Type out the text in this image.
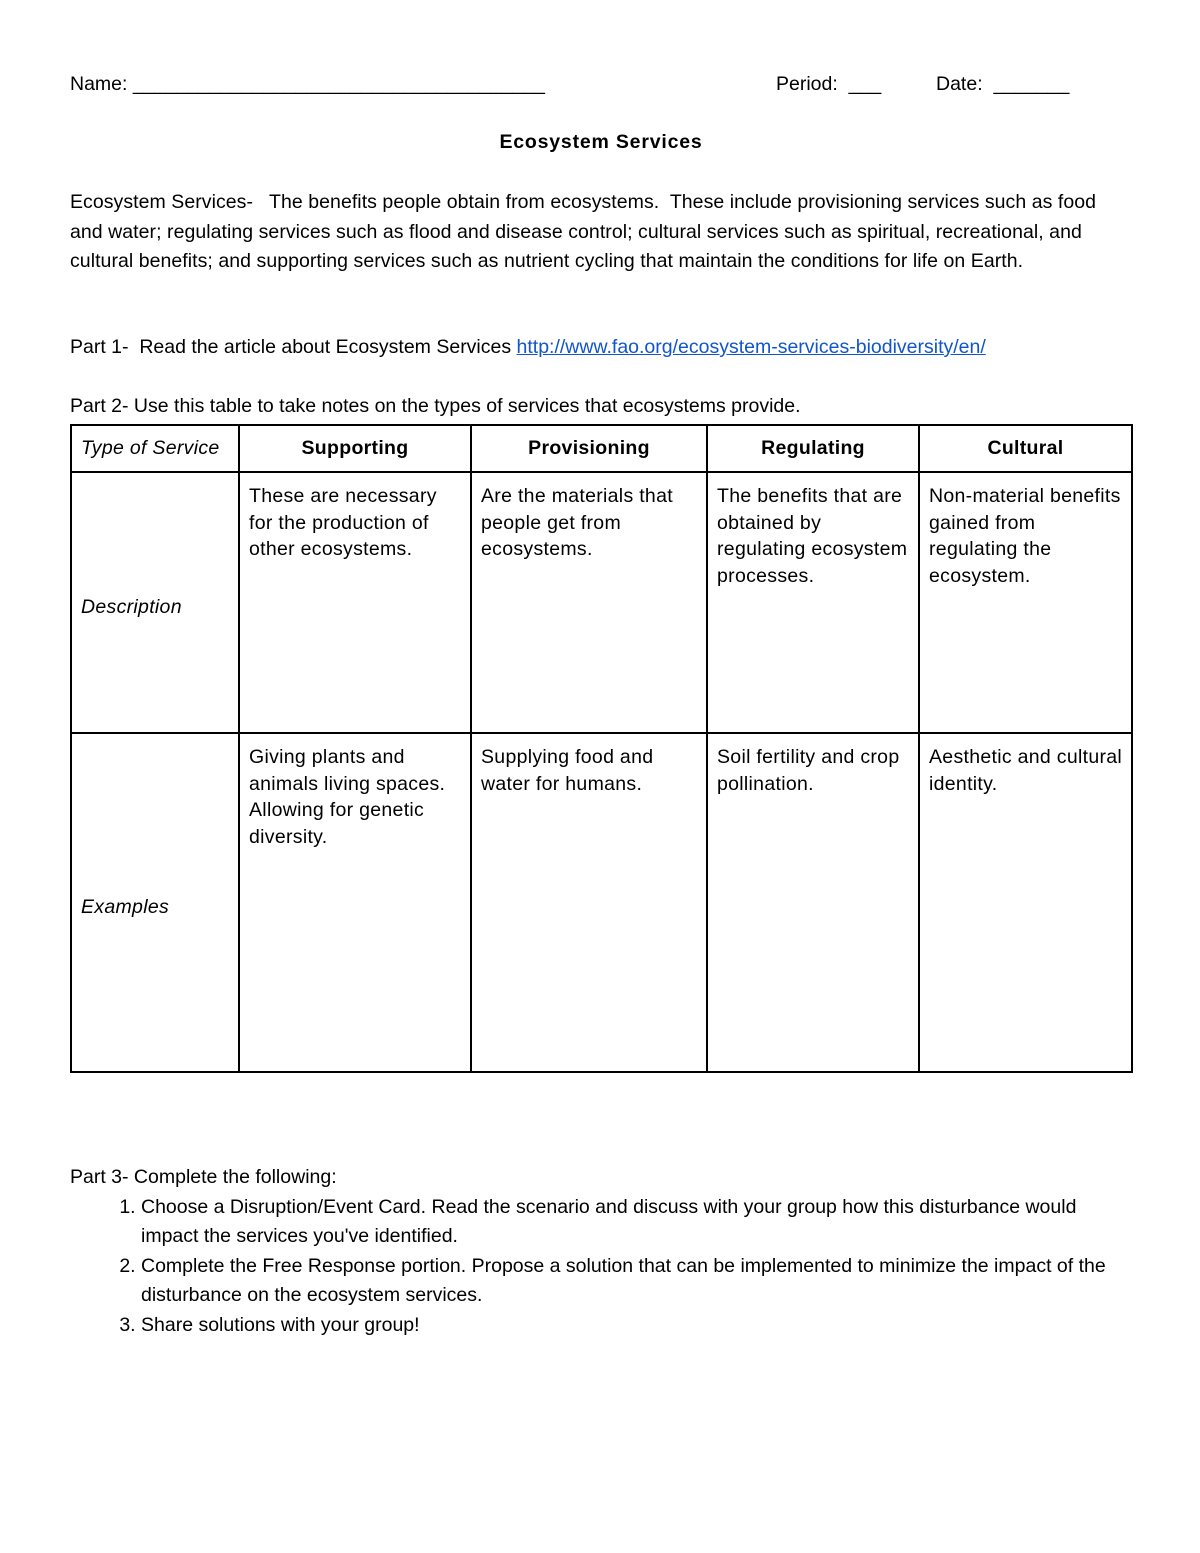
Name: ______________________________________	Period: ___	Date: _______
Ecosystem Services
Ecosystem Services-   The benefits people obtain from ecosystems.  These include provisioning services such as food and water; regulating services such as flood and disease control; cultural services such as spiritual, recreational, and cultural benefits; and supporting services such as nutrient cycling that maintain the conditions for life on Earth.
Part 1-  Read the article about Ecosystem Services http://www.fao.org/ecosystem-services-biodiversity/en/
Part 2- Use this table to take notes on the types of services that ecosystems provide.
Type of Service	Supporting	Provisioning	Regulating	Cultural
Description	These are necessary for the production of other ecosystems.	Are the materials that people get from ecosystems.	The benefits that are obtained by regulating ecosystem processes.	Non-material benefits gained from regulating the ecosystem.
Examples	Giving plants and animals living spaces. Allowing for genetic diversity.	Supplying food and water for humans.	Soil fertility and crop pollination.	Aesthetic and cultural identity.
Part 3- Complete the following:
1. Choose a Disruption/Event Card. Read the scenario and discuss with your group how this disturbance would impact the services you've identified.
2. Complete the Free Response portion. Propose a solution that can be implemented to minimize the impact of the disturbance on the ecosystem services.
3. Share solutions with your group!
